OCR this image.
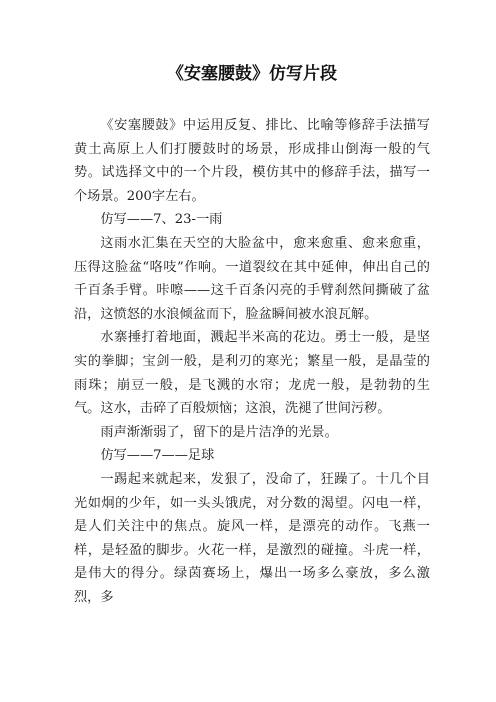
《安塞腰鼓》仿写片段

《安塞腰鼓》中运用反复、排比、比喻等修辞手法描写黄土高原上人们打腰鼓时的场景，形成排山倒海一般的气势。试选择文中的一个片段，模仿其中的修辞手法，描写一个场景。200字左右。

仿写——7、23-一雨

这雨水汇集在天空的大脸盆中，愈来愈重、愈来愈重，压得这脸盆“咯吱”作响。一道裂纹在其中延伸，伸出自己的千百条手臂。咔嚓——这千百条闪亮的手臂刹然间撕破了盆沿，这愤怒的水浪倾盆而下，脸盆瞬间被水浪瓦解。

水寨捶打着地面，溅起半米高的花边。勇士一般，是坚实的拳脚；宝剑一般，是利刃的寒光；繁星一般，是晶莹的雨珠；崩豆一般，是飞溅的水帘；龙虎一般，是勃勃的生气。这水，击碎了百般烦恼；这浪，洗褪了世间污秽。

雨声渐渐弱了，留下的是片洁净的光景。

仿写——7——足球

一踢起来就起来，发狠了，没命了，狂躁了。十几个目光如炯的少年，如一头头饿虎，对分数的渴望。闪电一样，是人们关注中的焦点。旋风一样，是漂亮的动作。飞燕一样，是轻盈的脚步。火花一样，是激烈的碰撞。斗虎一样，是伟大的得分。绿茵赛场上，爆出一场多么豪放，多么激烈，多
